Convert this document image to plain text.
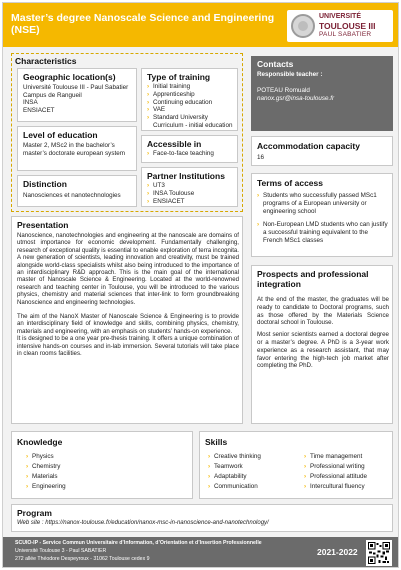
Master’s degree Nanoscale Science and Engineering (NSE)
UNIVERSITÉ
TOULOUSE III
PAUL SABATIER
Characteristics
Geographic location(s)
Université Toulouse III - Paul Sabatier
Campus de Rangueil
INSA
ENSIACET
Type of training
› Initial training
› Apprenticeship
› Continuing education
› VAE
› Standard University Curriculum - initial education
Level of education
Master 2, MSc2 in the bachelor’s master’s doctorate european system
Accessible in
› Face-to-face teaching
Distinction
Nanosciences et nanotechnologies
Partner Institutions
› UT3
› INSA Toulouse
› ENSIACET
Contacts
Responsible teacher :
POTEAU Romuald
nanox.gsr@insa-toulouse.fr
Accommodation capacity
16
Terms of access
› Students who successfully passed MSc1 programs of a European university or engineering school
› Non-European LMD students who can justify a successful training equivalent to the French MSc1 classes
Presentation

Nanoscience, nanotechnologies and engineering at the nanoscale are domains of utmost importance for economic development. Fundamentally challenging, research of exceptional quality is essential to enable exploration of terra incognita. A new generation of scientists, leading innovation and creativity, must be trained alongside world-class specialists whilst also being introduced to the importance of an interdisciplinary R&D approach. This is the main goal of the international master of Nanoscale Science & Engineering. Located at the world-renowned research and teaching center in Toulouse, you will be introduced to the various physics, chemistry and material sciences that inter-link to form groundbreaking Nanoscience and engineering technologies.

The aim of the NanoX Master of Nanoscale Science & Engineering is to provide an interdisciplinary field of knowledge and skills, combining physics, chemistry, materials and engineering, with an emphasis on students’ hands-on experience.

It is designed to be a one year pre-thesis training. It offers a unique combination of intensive hands-on courses and in-lab immersion. Several tutorials will take place in clean rooms facilities.

Prospects and professional integration

At the end of the master, the graduates will be ready to candidate to Doctoral programs, such as those offered by the Materials Science doctoral school in Toulouse.

Most senior scientists earned a doctoral degree or a master’s degree. A PhD is a 3-year work experience as a research assistant, that may favor entering the high-tech job market after completing the PhD.

Knowledge
› Physics
› Chemistry
› Materials
› Engineering
Skills
› Creative thinking
› Teamwork
› Adaptability
› Communication
› Time management
› Professional writing
› Professional attitude
› Intercultural fluency
Program
Web site : https://nanox-toulouse.fr/education/nanox-msc-in-nanoscience-and-nanotechnology/
SCUIO-IP - Service Commun Universitaire d’Information, d’Orientation et d’Insertion Professionnelle
Université Toulouse 3 - Paul SABATIER
272 allée Théodore Despeyroux - 31062 Toulouse cedex 9
2021-2022
